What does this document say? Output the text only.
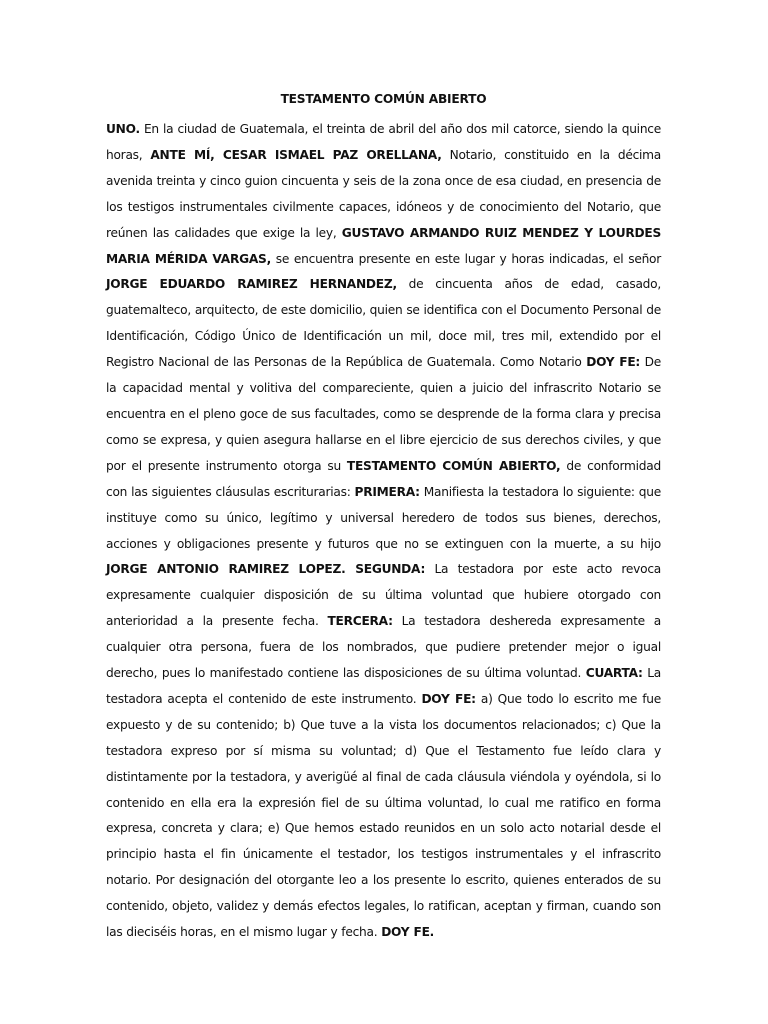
TESTAMENTO COMÚN ABIERTO

UNO. En la ciudad de Guatemala, el treinta de abril del año dos mil catorce, siendo la quince horas, ANTE MÍ, CESAR ISMAEL PAZ ORELLANA, Notario, constituido en la décima avenida treinta y cinco guion cincuenta y seis de la zona once de esa ciudad, en presencia de los testigos instrumentales civilmente capaces, idóneos y de conocimiento del Notario, que reúnen las calidades que exige la ley, GUSTAVO ARMANDO RUIZ MENDEZ Y LOURDES MARIA MÉRIDA VARGAS, se encuentra presente en este lugar y horas indicadas, el señor JORGE EDUARDO RAMIREZ HERNANDEZ, de cincuenta años de edad, casado, guatemalteco, arquitecto, de este domicilio, quien se identifica con el Documento Personal de Identificación, Código Único de Identificación un mil, doce mil, tres mil, extendido por el Registro Nacional de las Personas de la República de Guatemala. Como Notario DOY FE: De la capacidad mental y volitiva del compareciente, quien a juicio del infrascrito Notario se encuentra en el pleno goce de sus facultades, como se desprende de la forma clara y precisa como se expresa, y quien asegura hallarse en el libre ejercicio de sus derechos civiles, y que por el presente instrumento otorga su TESTAMENTO COMÚN ABIERTO, de conformidad con las siguientes cláusulas escriturarias: PRIMERA: Manifiesta la testadora lo siguiente: que instituye como su único, legítimo y universal heredero de todos sus bienes, derechos, acciones y obligaciones presente y futuros que no se extinguen con la muerte, a su hijo JORGE ANTONIO RAMIREZ LOPEZ. SEGUNDA: La testadora por este acto revoca expresamente cualquier disposición de su última voluntad que hubiere otorgado con anterioridad a la presente fecha. TERCERA: La testadora deshereda expresamente a cualquier otra persona, fuera de los nombrados, que pudiere pretender mejor o igual derecho, pues lo manifestado contiene las disposiciones de su última voluntad. CUARTA: La testadora acepta el contenido de este instrumento. DOY FE: a) Que todo lo escrito me fue expuesto y de su contenido; b) Que tuve a la vista los documentos relacionados; c) Que la testadora expreso por sí misma su voluntad; d) Que el Testamento fue leído clara y distintamente por la testadora, y averigüé al final de cada cláusula viéndola y oyéndola, si lo contenido en ella era la expresión fiel de su última voluntad, lo cual me ratifico en forma expresa, concreta y clara; e) Que hemos estado reunidos en un solo acto notarial desde el principio hasta el fin únicamente el testador, los testigos instrumentales y el infrascrito notario. Por designación del otorgante leo a los presente lo escrito, quienes enterados de su contenido, objeto, validez y demás efectos legales, lo ratifican, aceptan y firman, cuando son las dieciséis horas, en el mismo lugar y fecha. DOY FE.
